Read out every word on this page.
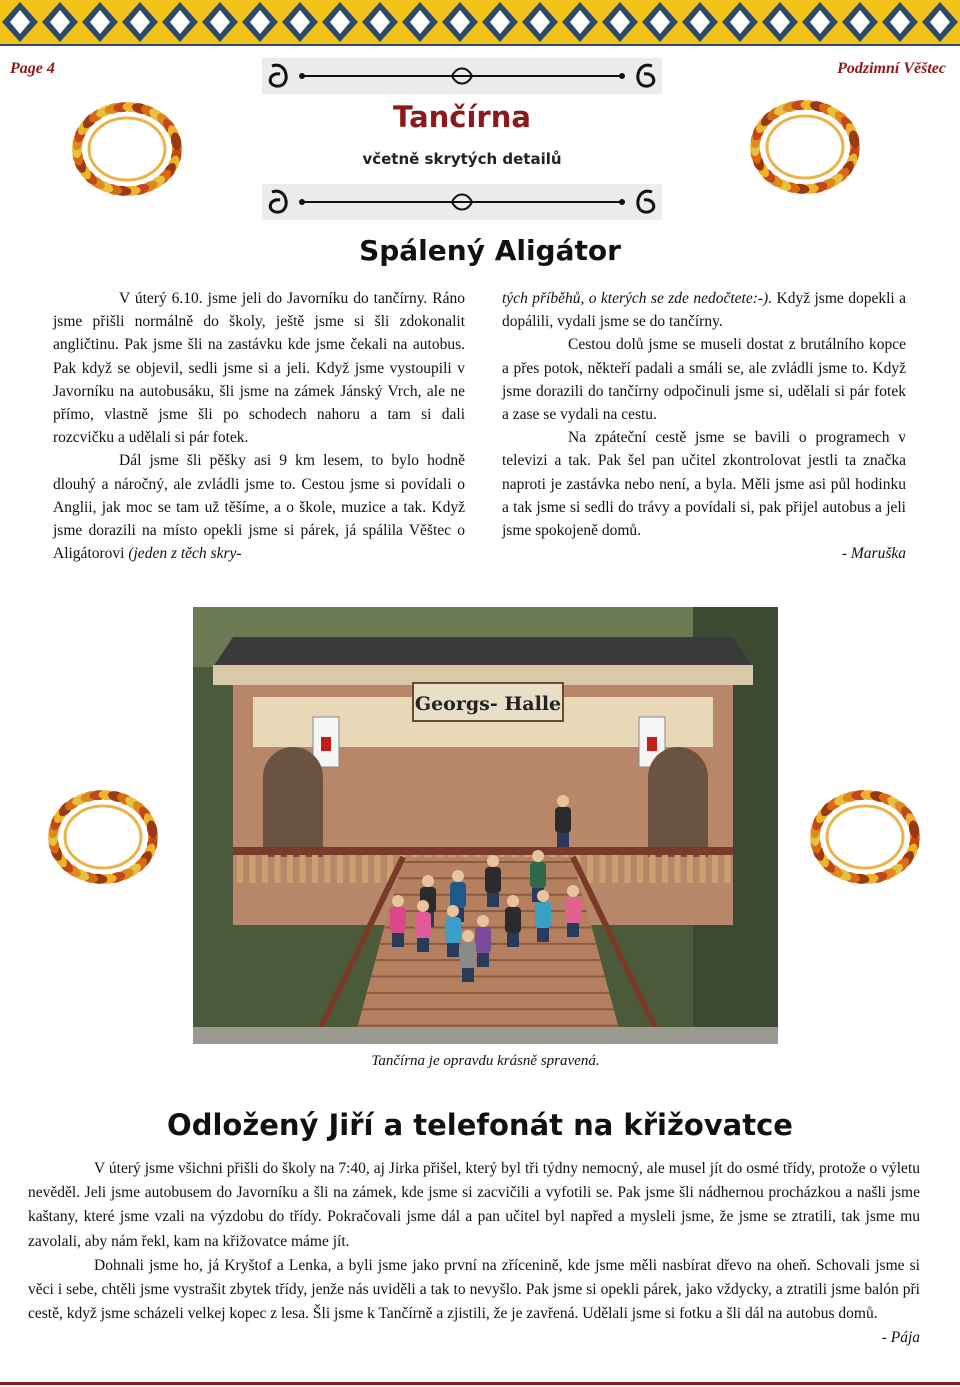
Page 4	Podzimní Věštec
Tančírna
včetně skrytých detailů
Spálený Aligátor

V úterý 6.10. jsme jeli do Javorníku do tančírny. Ráno jsme přišli normálně do školy, ještě jsme si šli zdokonalit angličtinu. Pak jsme šli na zastávku kde jsme čekali na autobus. Pak když se objevil, sedli jsme si a jeli. Když jsme vystoupili v Javorníku na autobusáku, šli jsme na zámek Jánský Vrch, ale ne přímo, vlastně jsme šli po schodech nahoru a tam si dali rozcvičku a udělali si pár fotek.

Dál jsme šli pěšky asi 9 km lesem, to bylo hodně dlouhý a náročný, ale zvládli jsme to. Cestou jsme si povídali o Anglii, jak moc se tam už těšíme, a o škole, muzice a tak. Když jsme dorazili na místo opekli jsme si párek, já spálila Věštec o Aligátorovi (jeden z těch skry-

tých příběhů, o kterých se zde nedočtete:-). Když jsme dopekli a dopálili, vydali jsme se do tančírny.

Cestou dolů jsme se museli dostat z brutálního kopce a přes potok, někteří padali a smáli se, ale zvládli jsme to. Když jsme dorazili do tančírny odpočinuli jsme si, udělali si pár fotek a zase se vydali na cestu.

Na zpáteční cestě jsme se bavili o programech v televizi a tak. Pak šel pan učitel zkontrolovat jestli ta značka naproti je zastávka nebo není, a byla. Měli jsme asi půl hodinku a tak jsme si sedli do trávy a povídali si, pak přijel autobus a jeli jsme spokojeně domů.

- Maruška

Georgs- Halle
Tančírna je opravdu krásně spravená.
Odložený Jiří a telefonát na křižovatce

V úterý jsme všichni přišli do školy na 7:40, aj Jirka přišel, který byl tři týdny nemocný, ale musel jít do osmé třídy, protože o výletu nevěděl. Jeli jsme autobusem do Javorníku a šli na zámek, kde jsme si zacvičili a vyfotili se. Pak jsme šli nádhernou procházkou a našli jsme kaštany, které jsme vzali na výzdobu do třídy. Pokračovali jsme dál a pan učitel byl napřed a mysleli jsme, že jsme se ztratili, tak jsme mu zavolali, aby nám řekl, kam na křižovatce máme jít.

Dohnali jsme ho, já Kryštof a Lenka, a byli jsme jako první na zřícenině, kde jsme měli nasbírat dřevo na oheň. Schovali jsme si věci i sebe, chtěli jsme vystrašit zbytek třídy, jenže nás uviděli a tak to nevyšlo. Pak jsme si opekli párek, jako vždycky, a ztratili jsme balón při cestě, když jsme scházeli velkej kopec z lesa. Šli jsme k Tančírně a zjistili, že je zavřená. Udělali jsme si fotku a šli dál na autobus domů.

- Pája
